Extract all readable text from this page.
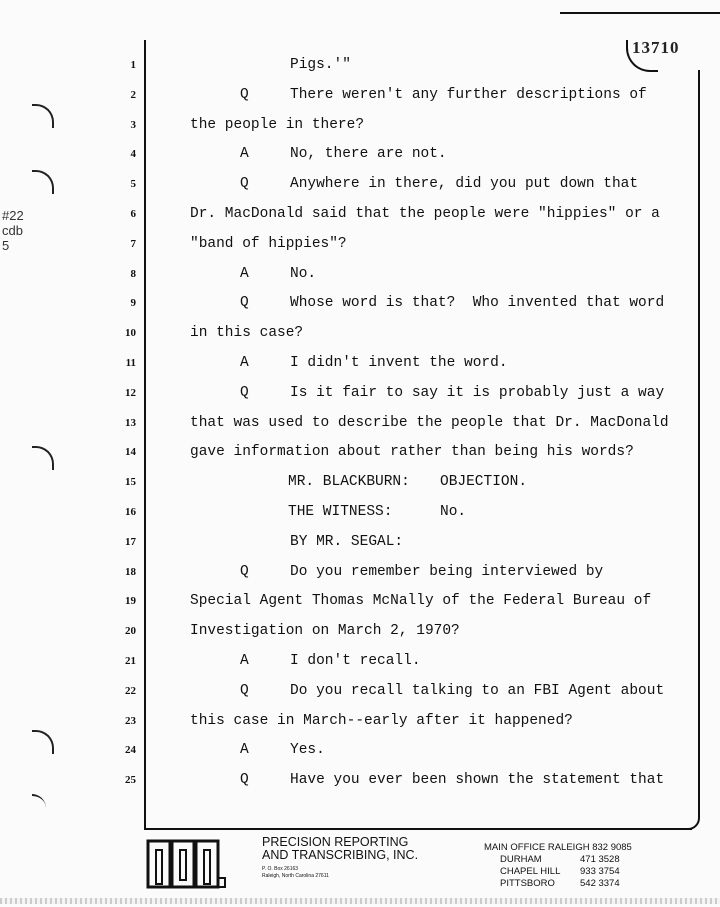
13710
#22
cdb
5
1	Pigs.'"
2	Q	There weren't any further descriptions of
3	the people in there?
4	A	No, there are not.
5	Q	Anywhere in there, did you put down that
6	Dr. MacDonald said that the people were "hippies" or a
7	"band of hippies"?
8	A	No.
9	Q	Whose word is that?  Who invented that word
10	in this case?
11	A	I didn't invent the word.
12	Q	Is it fair to say it is probably just a way
13	that was used to describe the people that Dr. MacDonald
14	gave information about rather than being his words?
15	MR. BLACKBURN: OBJECTION.
16	THE WITNESS:	No.
17	BY MR. SEGAL:
18	Q	Do you remember being interviewed by
19	Special Agent Thomas McNally of the Federal Bureau of
20	Investigation on March 2, 1970?
21	A	I don't recall.
22	Q	Do you recall talking to an FBI Agent about
23	this case in March--early after it happened?
24	A	Yes.
25	Q	Have you ever been shown the statement that
PRECISION REPORTING
AND TRANSCRIBING, INC.
P. O. Box 26163
Raleigh, North Carolina 27611
MAIN OFFICE RALEIGH
832 9085
DURHAM	471 3528
CHAPEL HILL	933 3754
PITTSBORO	542 3374
